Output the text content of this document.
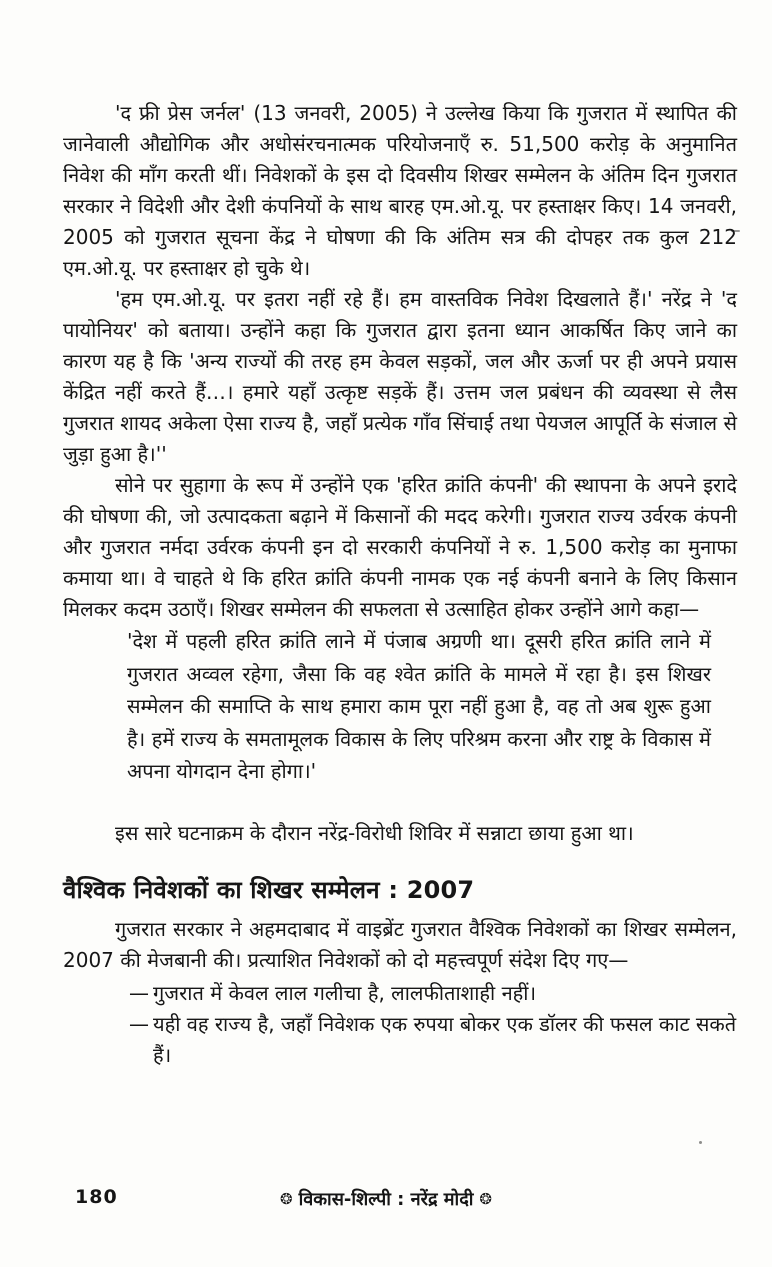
'द फ्री प्रेस जर्नल' (13 जनवरी, 2005) ने उल्लेख किया कि गुजरात में स्थापित की जानेवाली औद्योगिक और अधोसंरचनात्मक परियोजनाएँ रु. 51,500 करोड़ के अनुमानित निवेश की माँग करती थीं। निवेशकों के इस दो दिवसीय शिखर सम्मेलन के अंतिम दिन गुजरात सरकार ने विदेशी और देशी कंपनियों के साथ बारह एम.ओ.यू. पर हस्ताक्षर किए। 14 जनवरी, 2005 को गुजरात सूचना केंद्र ने घोषणा की कि अंतिम सत्र की दोपहर तक कुल 212 एम.ओ.यू. पर हस्ताक्षर हो चुके थे।

'हम एम.ओ.यू. पर इतरा नहीं रहे हैं। हम वास्तविक निवेश दिखलाते हैं।' नरेंद्र ने 'द पायोनियर' को बताया। उन्होंने कहा कि गुजरात द्वारा इतना ध्यान आकर्षित किए जाने का कारण यह है कि 'अन्य राज्यों की तरह हम केवल सड़कों, जल और ऊर्जा पर ही अपने प्रयास केंद्रित नहीं करते हैं…। हमारे यहाँ उत्कृष्ट सड़कें हैं। उत्तम जल प्रबंधन की व्यवस्था से लैस गुजरात शायद अकेला ऐसा राज्य है, जहाँ प्रत्येक गाँव सिंचाई तथा पेयजल आपूर्ति के संजाल से जुड़ा हुआ है।''

सोने पर सुहागा के रूप में उन्होंने एक 'हरित क्रांति कंपनी' की स्थापना के अपने इरादे की घोषणा की, जो उत्पादकता बढ़ाने में किसानों की मदद करेगी। गुजरात राज्य उर्वरक कंपनी और गुजरात नर्मदा उर्वरक कंपनी इन दो सरकारी कंपनियों ने रु. 1,500 करोड़ का मुनाफा कमाया था। वे चाहते थे कि हरित क्रांति कंपनी नामक एक नई कंपनी बनाने के लिए किसान मिलकर कदम उठाएँ। शिखर सम्मेलन की सफलता से उत्साहित होकर उन्होंने आगे कहा—

'देश में पहली हरित क्रांति लाने में पंजाब अग्रणी था। दूसरी हरित क्रांति लाने में गुजरात अव्वल रहेगा, जैसा कि वह श्वेत क्रांति के मामले में रहा है। इस शिखर सम्मेलन की समाप्ति के साथ हमारा काम पूरा नहीं हुआ है, वह तो अब शुरू हुआ है। हमें राज्य के समतामूलक विकास के लिए परिश्रम करना और राष्ट्र के विकास में अपना योगदान देना होगा।'

इस सारे घटनाक्रम के दौरान नरेंद्र-विरोधी शिविर में सन्नाटा छाया हुआ था।

वैश्विक निवेशकों का शिखर सम्मेलन : 2007

गुजरात सरकार ने अहमदाबाद में वाइब्रेंट गुजरात वैश्विक निवेशकों का शिखर सम्मेलन, 2007 की मेजबानी की। प्रत्याशित निवेशकों को दो महत्त्वपूर्ण संदेश दिए गए—

— गुजरात में केवल लाल गलीचा है, लालफीताशाही नहीं।
— यही वह राज्य है, जहाँ निवेशक एक रुपया बोकर एक डॉलर की फसल काट सकते हैं।
180	❂ विकास-शिल्पी : नरेंद्र मोदी ❂
